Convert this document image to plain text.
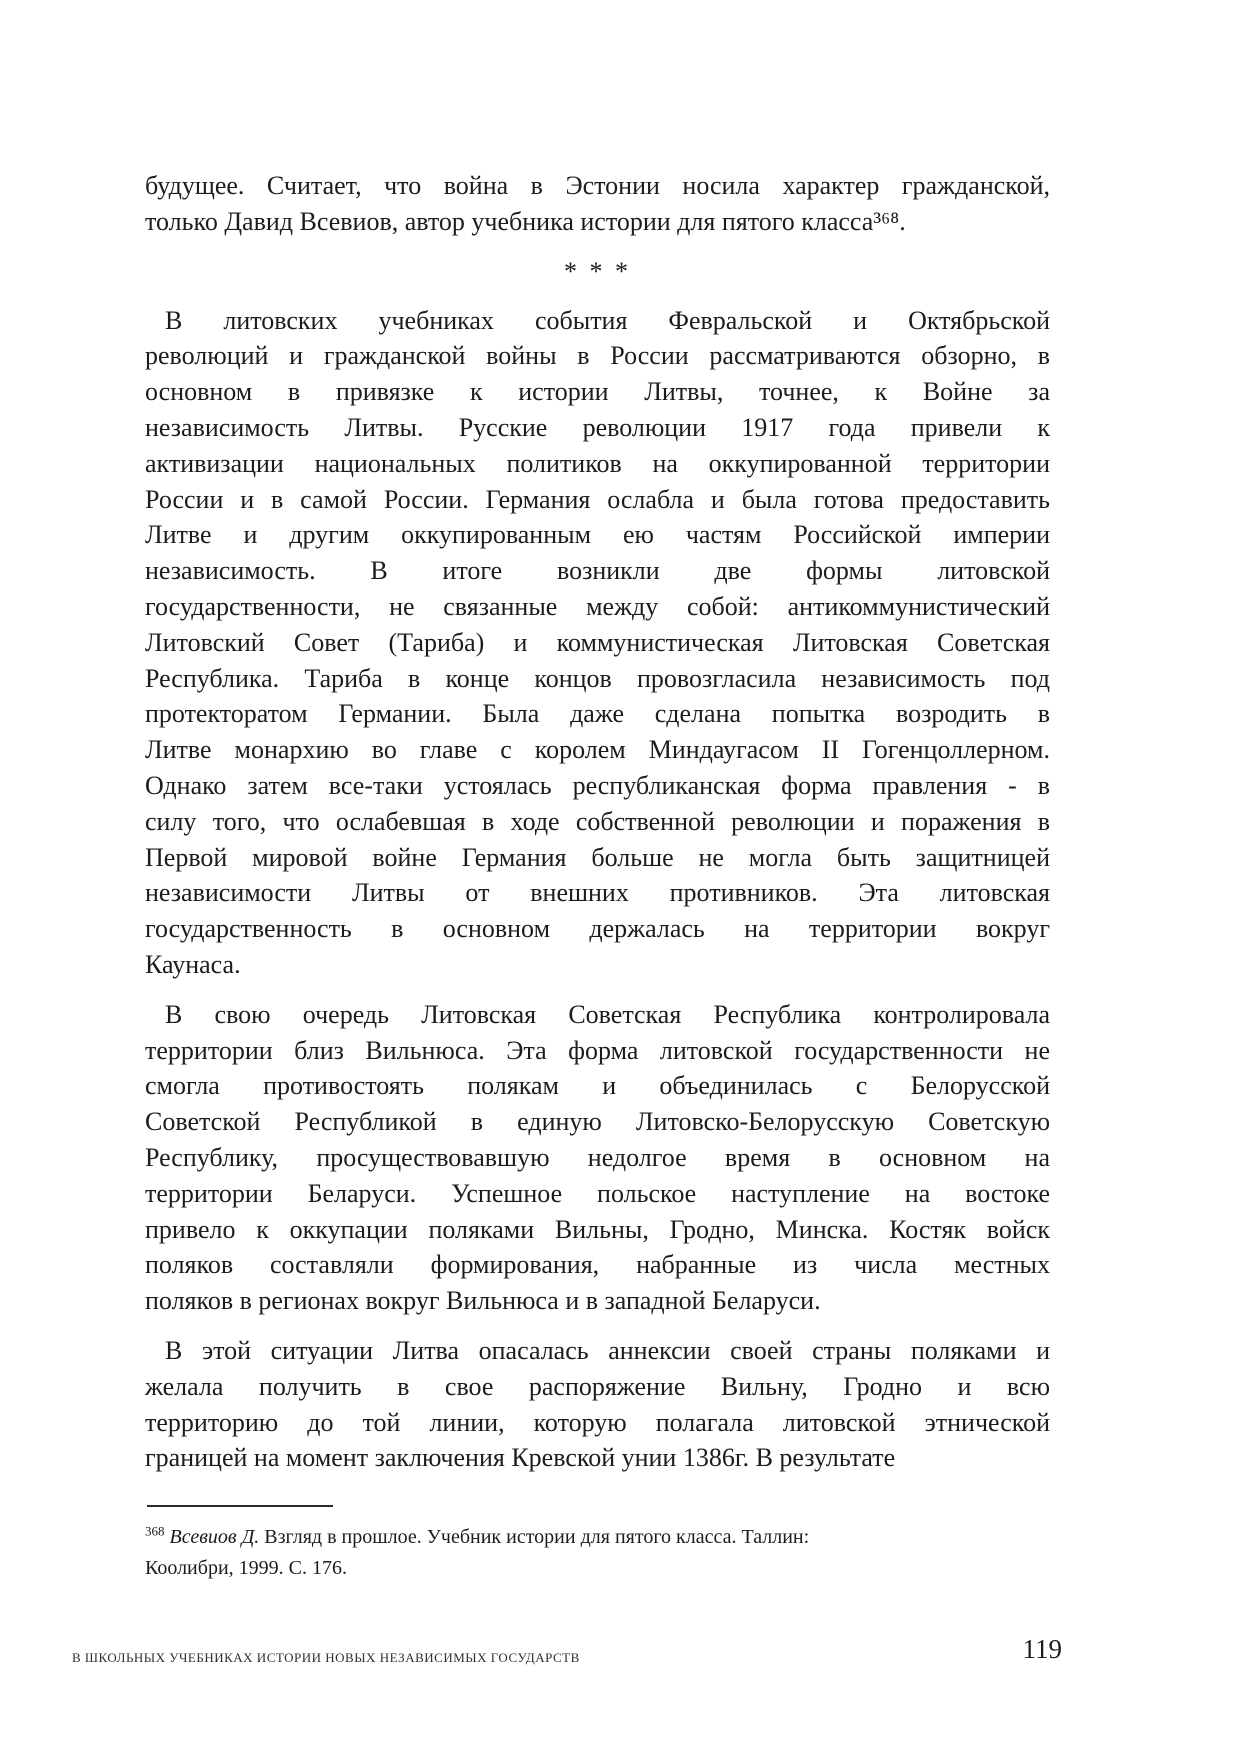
будущее. Считает, что война в Эстонии носила характер гражданской,
только Давид Всевиов, автор учебника истории для пятого класса³⁶⁸.
* * *
В литовских учебниках события Февральской и Октябрьской
революций и гражданской войны в России рассматриваются обзорно, в
основном в привязке к истории Литвы, точнее, к Войне за
независимость Литвы. Русские революции 1917 года привели к
активизации национальных политиков на оккупированной территории
России и в самой России. Германия ослабла и была готова предоставить
Литве и другим оккупированным ею частям Российской империи
независимость. В итоге возникли две формы литовской
государственности, не связанные между собой: антикоммунистический
Литовский Совет (Тариба) и коммунистическая Литовская Советская
Республика. Тариба в конце концов провозгласила независимость под
протекторатом Германии. Была даже сделана попытка возродить в
Литве монархию во главе с королем Миндаугасом II Гогенцоллерном.
Однако затем все-таки устоялась республиканская форма правления - в
силу того, что ослабевшая в ходе собственной революции и поражения в
Первой мировой войне Германия больше не могла быть защитницей
независимости Литвы от внешних противников. Эта литовская
государственность в основном держалась на территории вокруг
Каунаса.
В свою очередь Литовская Советская Республика контролировала
территории близ Вильнюса. Эта форма литовской государственности не
смогла противостоять полякам и объединилась с Белорусской
Советской Республикой в единую Литовско-Белорусскую Советскую
Республику, просуществовавшую недолгое время в основном на
территории Беларуси. Успешное польское наступление на востоке
привело к оккупации поляками Вильны, Гродно, Минска. Костяк войск
поляков составляли формирования, набранные из числа местных
поляков в регионах вокруг Вильнюса и в западной Беларуси.
В этой ситуации Литва опасалась аннексии своей страны поляками и
желала получить в свое распоряжение Вильну, Гродно и всю
территорию до той линии, которую полагала литовской этнической
границей на момент заключения Кревской унии 1386г. В результате
$^{368}$ Всевиов Д. Взгляд в прошлое. Учебник истории для пятого класса. Таллин:
Коолибри, 1999. С. 176.
В ШКОЛЬНЫХ УЧЕБНИКАХ ИСТОРИИ НОВЫХ НЕЗАВИСИМЫХ ГОСУДАРСТВ	119
